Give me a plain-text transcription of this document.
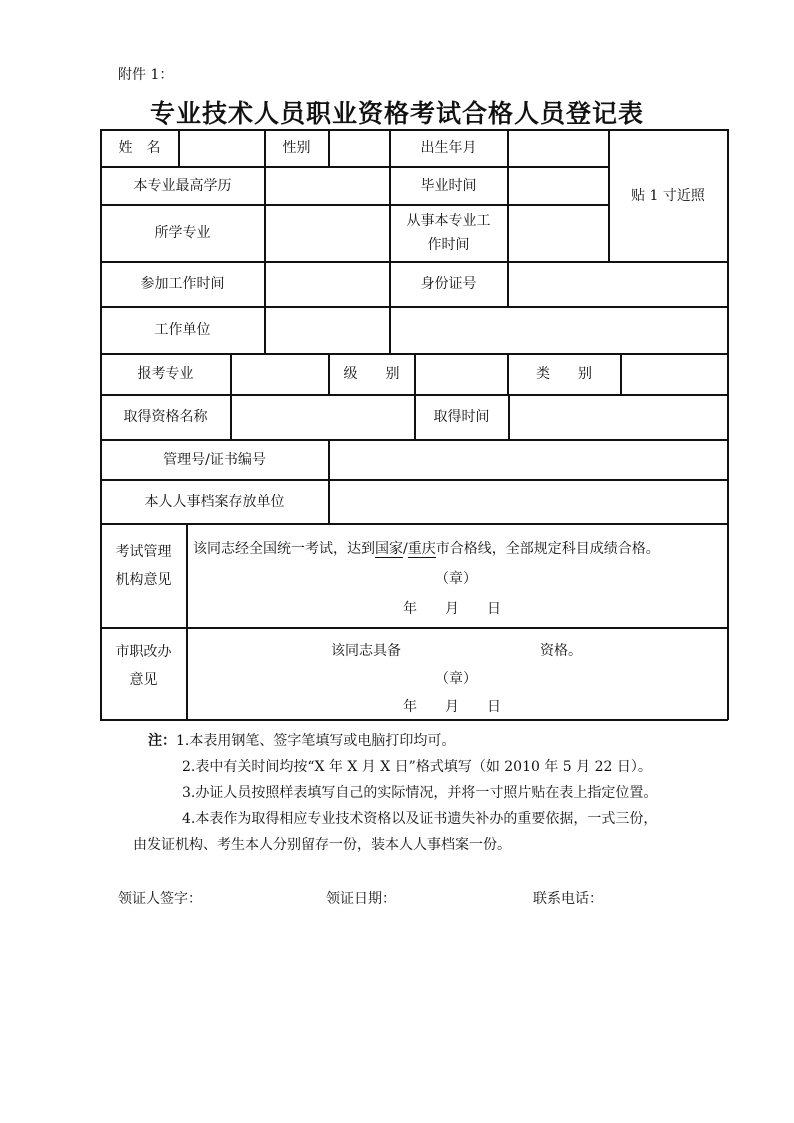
附件 1：
专业技术人员职业资格考试合格人员登记表
姓　名	性别	出生年月
贴 1 寸近照
本专业最高学历	毕业时间
所学专业
从事本专业工
作时间
参加工作时间	身份证号
工作单位
报考专业	级　　别	类　　别
取得资格名称	取得时间
管理号/证书编号
本人人事档案存放单位
考试管理
机构意见
该同志经全国统一考试，达到国家/重庆市合格线，全部规定科目成绩合格。
（章）
年　　月　　日
市职改办
意见
该同志具备	资格。
（章）
年　　月　　日
注：1.本表用钢笔、签字笔填写或电脑打印均可。
2.表中有关时间均按“X 年 X 月 X 日”格式填写（如 2010 年 5 月 22 日）。
3.办证人员按照样表填写自己的实际情况，并将一寸照片贴在表上指定位置。
4.本表作为取得相应专业技术资格以及证书遗失补办的重要依据，一式三份，
由发证机构、考生本人分别留存一份，装本人人事档案一份。
领证人签字：	领证日期：	联系电话：
